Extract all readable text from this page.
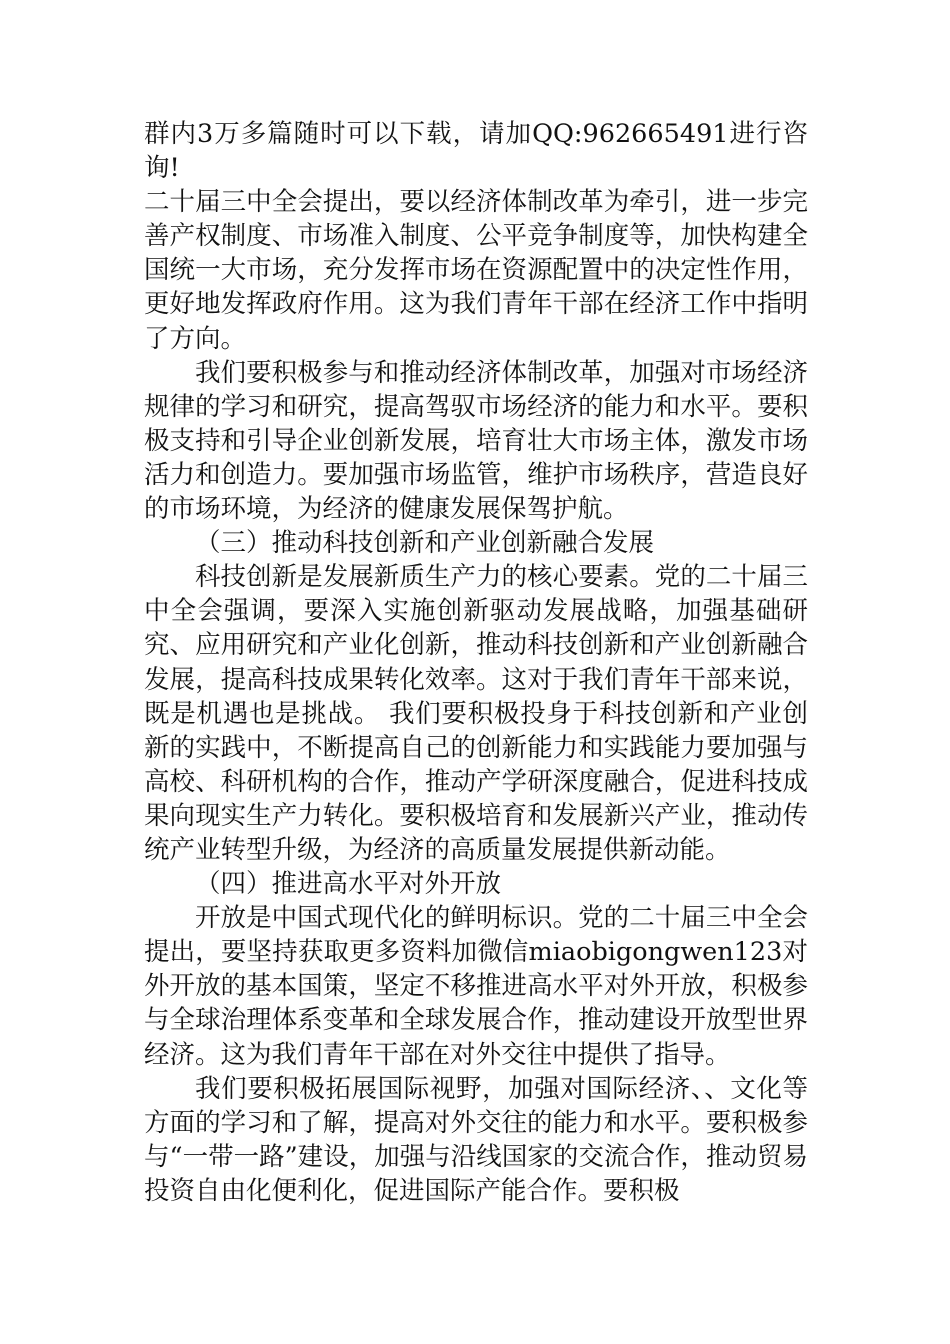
群内3万多篇随时可以下载，请加QQ:962665491进行咨询!

二十届三中全会提出，要以经济体制改革为牵引，进一步完善产权制度、市场准入制度、公平竞争制度等，加快构建全国统一大市场，充分发挥市场在资源配置中的决定性作用，更好地发挥政府作用。这为我们青年干部在经济工作中指明了方向。

我们要积极参与和推动经济体制改革，加强对市场经济规律的学习和研究，提高驾驭市场经济的能力和水平。要积极支持和引导企业创新发展，培育壮大市场主体，激发市场活力和创造力。要加强市场监管，维护市场秩序，营造良好的市场环境，为经济的健康发展保驾护航。

（三）推动科技创新和产业创新融合发展

科技创新是发展新质生产力的核心要素。党的二十届三中全会强调，要深入实施创新驱动发展战略，加强基础研究、应用研究和产业化创新，推动科技创新和产业创新融合发展，提高科技成果转化效率。这对于我们青年干部来说，既是机遇也是挑战。 我们要积极投身于科技创新和产业创新的实践中，不断提高自己的创新能力和实践能力要加强与高校、科研机构的合作，推动产学研深度融合，促进科技成果向现实生产力转化。要积极培育和发展新兴产业，推动传统产业转型升级，为经济的高质量发展提供新动能。

（四）推进高水平对外开放

开放是中国式现代化的鲜明标识。党的二十届三中全会提出，要坚持获取更多资料加微信miaobigongwen123对外开放的基本国策，坚定不移推进高水平对外开放，积极参与全球治理体系变革和全球发展合作，推动建设开放型世界经济。这为我们青年干部在对外交往中提供了指导。

我们要积极拓展国际视野，加强对国际经济、、文化等方面的学习和了解，提高对外交往的能力和水平。要积极参与“一带一路”建设，加强与沿线国家的交流合作，推动贸易投资自由化便利化，促进国际产能合作。要积极
